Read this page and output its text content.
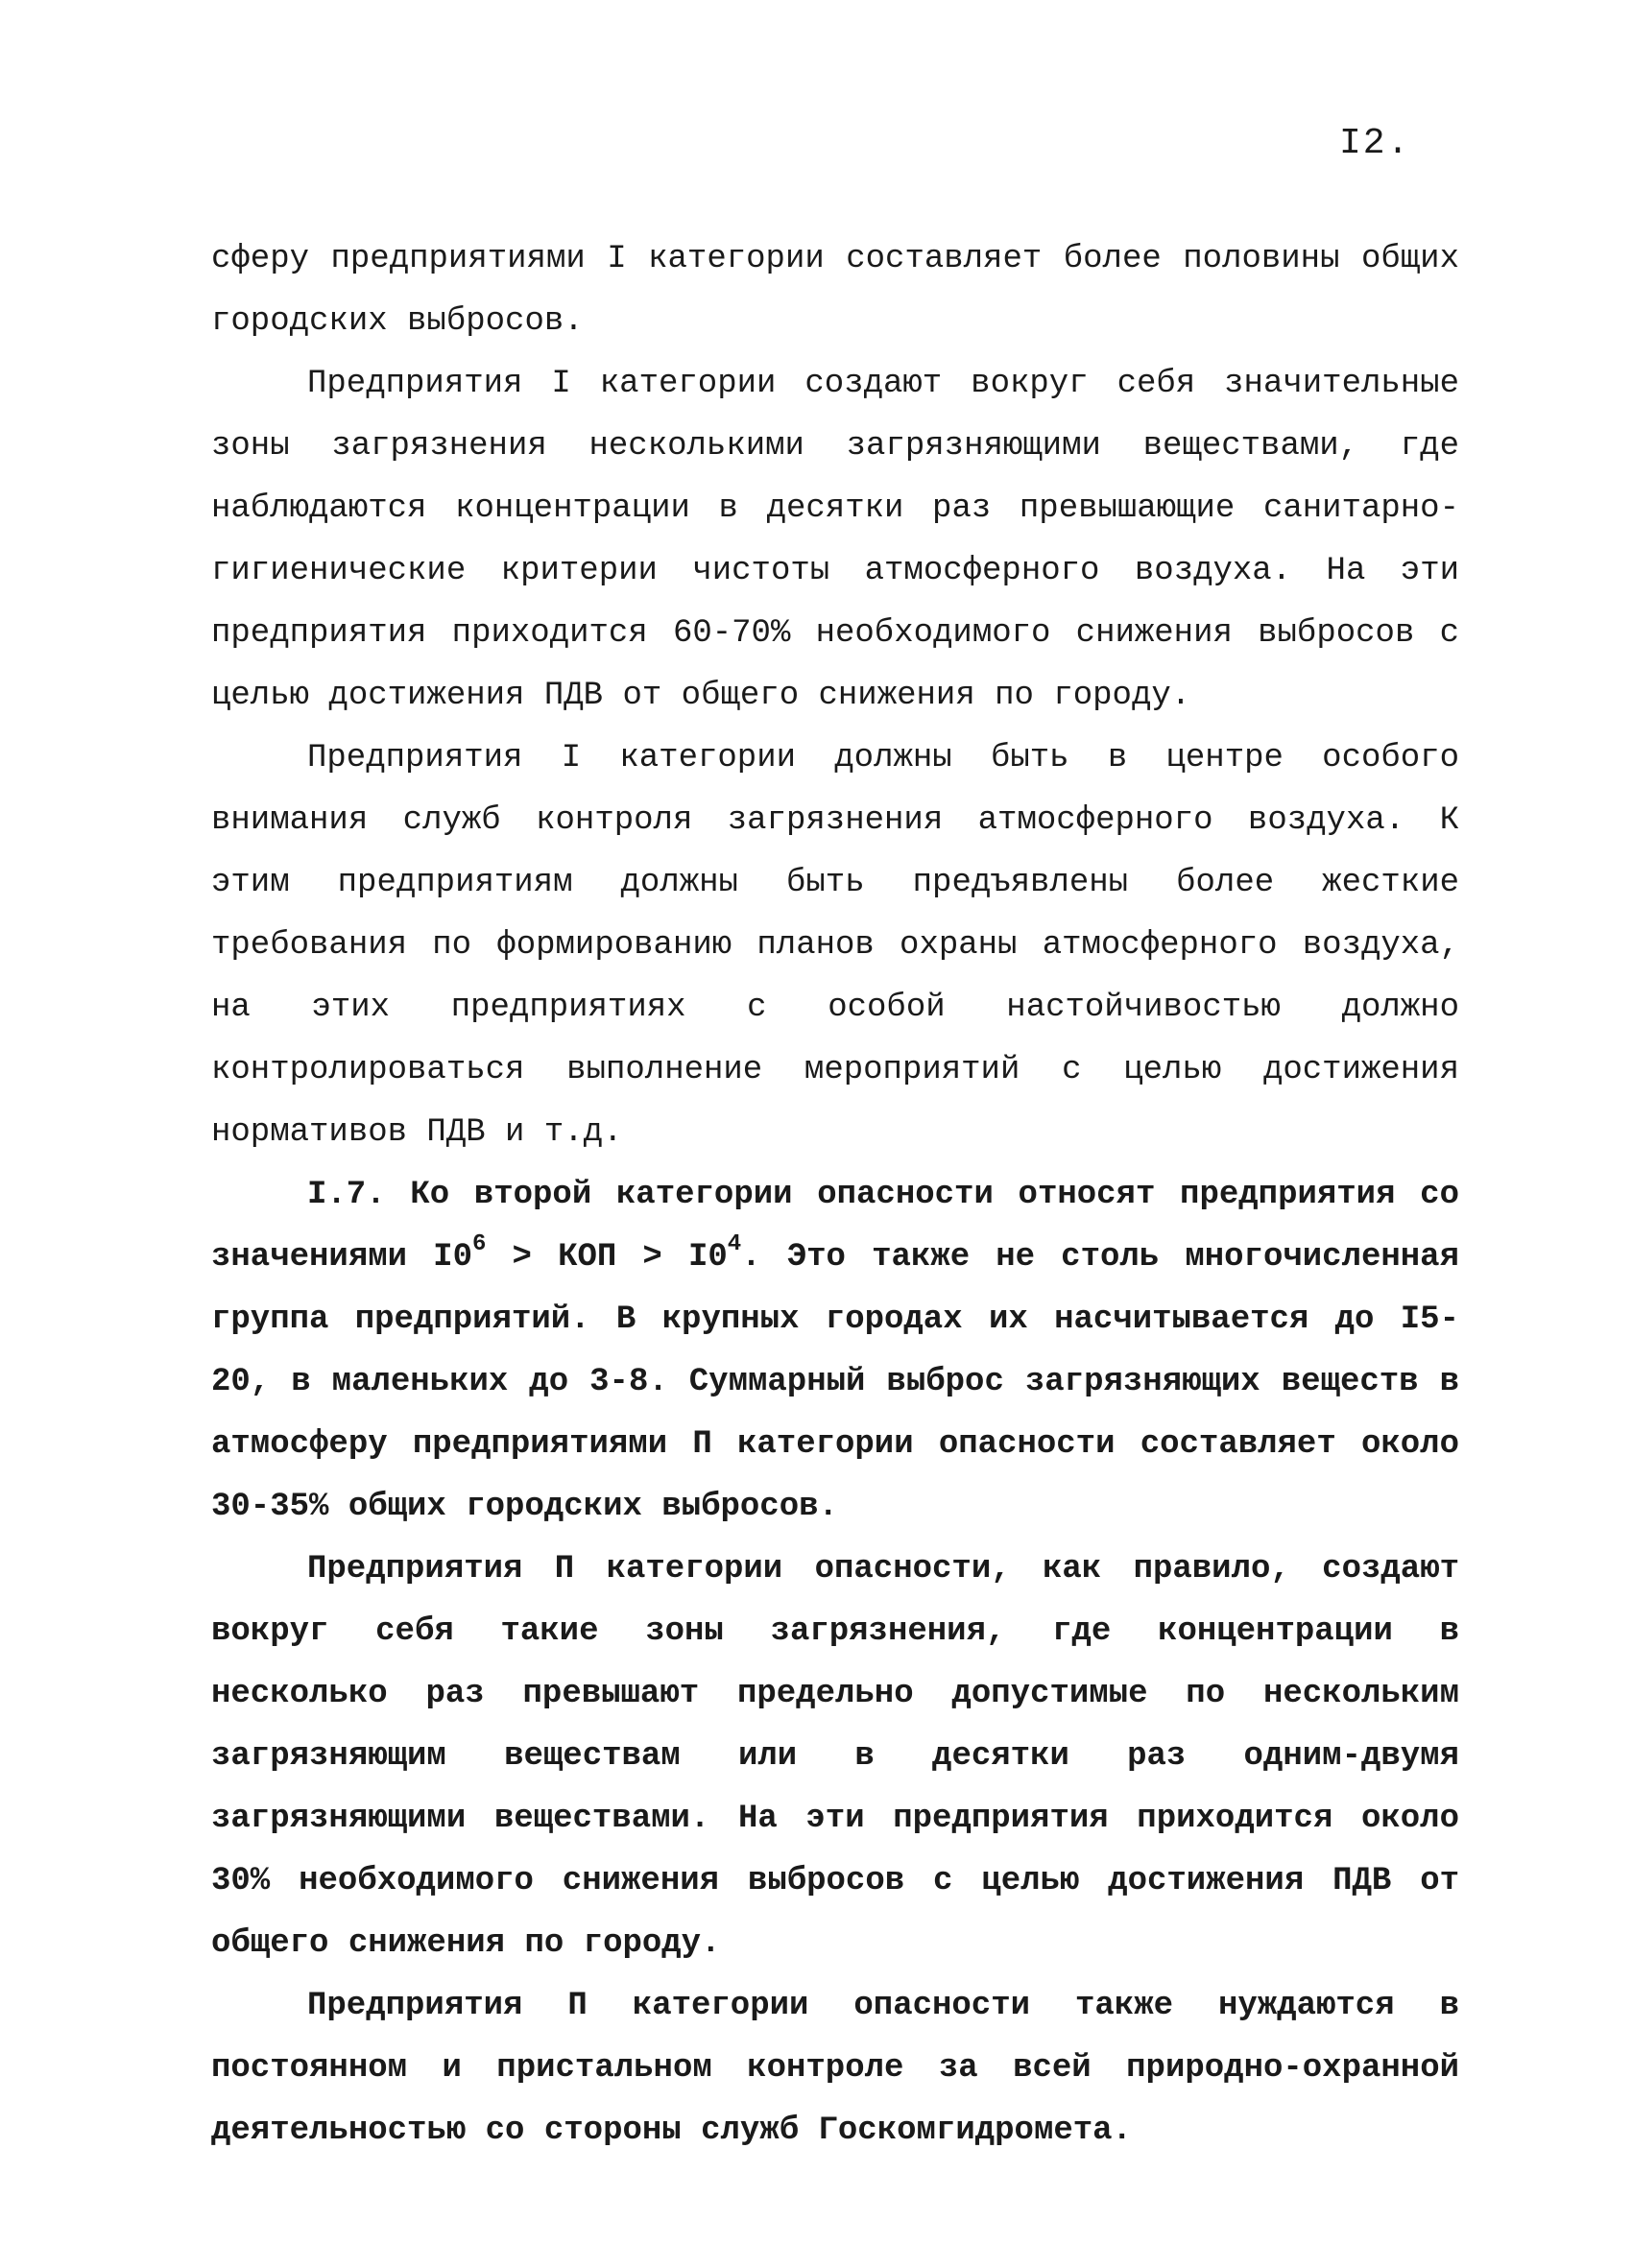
I2.

сферу предприятиями I категории составляет более половины общих городских выбросов.

Предприятия I категории создают вокруг себя значительные зоны загрязнения несколькими загрязняющими веществами, где наблюдаются концентрации в десятки раз превышающие санитарно-гигиенические критерии чистоты атмосферного воздуха. На эти предприятия приходится 60-70% необходимого снижения выбросов с целью достижения ПДВ от общего снижения по городу.

Предприятия I категории должны быть в центре особого внимания служб контроля загрязнения атмосферного воздуха. К этим предприятиям должны быть предъявлены более жесткие требования по формированию планов охраны атмосферного воздуха, на этих предприятиях с особой настойчивостью должно контролироваться выполнение мероприятий с целью достижения нормативов ПДВ и т.д.

I.7. Ко второй категории опасности относят предприятия со значениями $I0^6$ > КОП > $I0^4$. Это также не столь многочисленная группа предприятий. В крупных городах их насчитывается до I5-20, в маленьких до 3-8. Суммарный выброс загрязняющих веществ в атмосферу предприятиями П категории опасности составляет около 30-35% общих городских выбросов.

Предприятия П категории опасности, как правило, создают вокруг себя такие зоны загрязнения, где концентрации в несколько раз превышают предельно допустимые по нескольким загрязняющим веществам или в десятки раз одним-двумя загрязняющими веществами. На эти предприятия приходится около 30% необходимого снижения выбросов с целью достижения ПДВ от общего снижения по городу.

Предприятия П категории опасности также нуждаются в постоянном и пристальном контроле за всей природно-охранной деятельностью со стороны служб Госкомгидромета.
